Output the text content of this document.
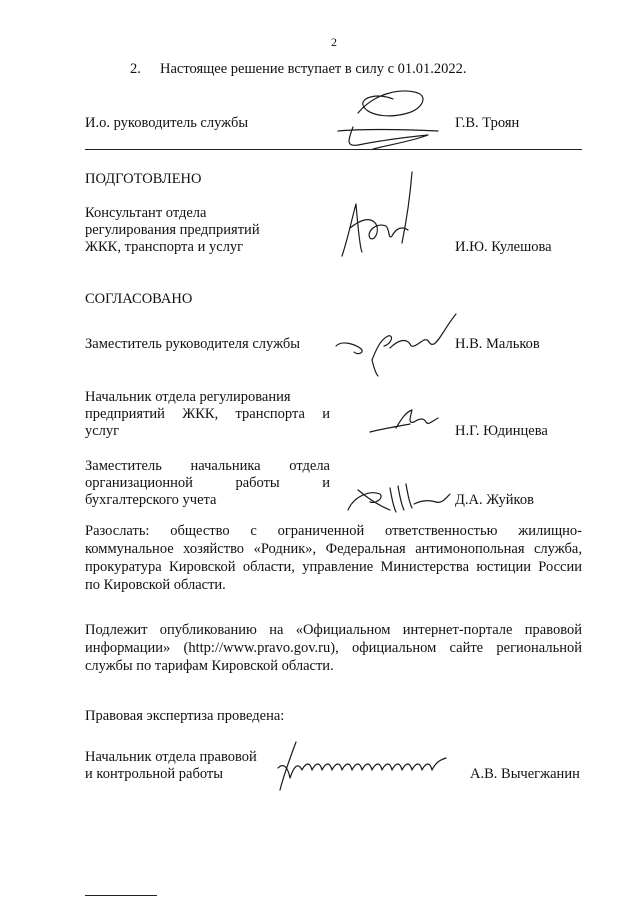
2
2. Настоящее решение вступает в силу с 01.01.2022.
И.о. руководитель службы	Г.В. Троян
ПОДГОТОВЛЕНО
Консультант отдела
регулирования предприятий
ЖКК, транспорта и услуг	И.Ю. Кулешова
СОГЛАСОВАНО
Заместитель руководителя службы	Н.В. Мальков
Начальник отдела регулирования
предприятий ЖКК, транспорта и
услуг	Н.Г. Юдинцева
Заместитель начальника отдела
организационной работы и
бухгалтерского учета	Д.А. Жуйков
Разослать: общество с ограниченной ответственностью жилищно-
коммунальное хозяйство «Родник», Федеральная антимонопольная служба,
прокуратура Кировской области, управление Министерства юстиции России
по Кировской области.
Подлежит опубликованию на «Официальном интернет-портале правовой
информации» (http://www.pravo.gov.ru), официальном сайте региональной
службы по тарифам Кировской области.
Правовая экспертиза проведена:
Начальник отдела правовой
и контрольной работы	А.В. Вычегжанин
